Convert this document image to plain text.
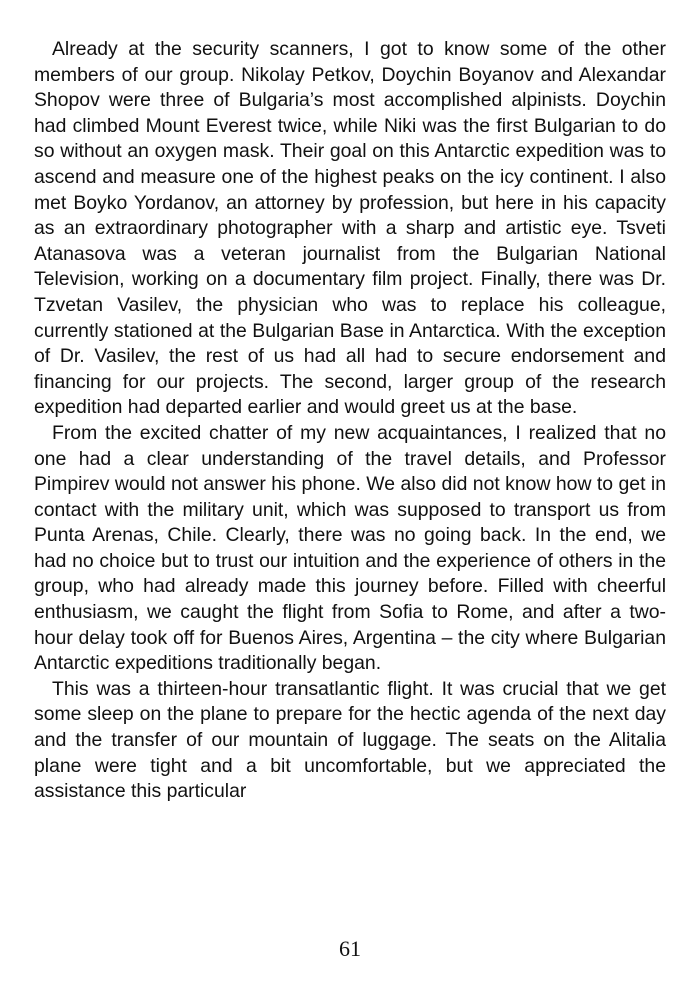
Already at the security scanners, I got to know some of the other members of our group. Nikolay Petkov, Doychin Boyanov and Alexandar Shopov were three of Bulgaria’s most accomplished alpinists. Doychin had climbed Mount Everest twice, while Niki was the first Bulgarian to do so without an oxygen mask. Their goal on this Antarctic expedition was to ascend and measure one of the highest peaks on the icy continent. I also met Boyko Yordanov, an attorney by profession, but here in his capacity as an extraordinary photographer with a sharp and artistic eye. Tsveti Atanasova was a veteran journalist from the Bulgarian National Television, working on a documentary film project. Finally, there was Dr. Tzvetan Vasilev, the physician who was to replace his colleague, currently stationed at the Bulgarian Base in Antarctica. With the exception of Dr. Vasilev, the rest of us had all had to secure endorsement and financing for our projects. The second, larger group of the research expedition had departed earlier and would greet us at the base.

From the excited chatter of my new acquaintances, I realized that no one had a clear understanding of the travel details, and Professor Pimpirev would not answer his phone. We also did not know how to get in contact with the military unit, which was supposed to transport us from Punta Arenas, Chile. Clearly, there was no going back. In the end, we had no choice but to trust our intuition and the experience of others in the group, who had already made this journey before. Filled with cheerful enthusiasm, we caught the flight from Sofia to Rome, and after a two-hour delay took off for Buenos Aires, Argentina – the city where Bulgarian Antarctic expeditions traditionally began.

This was a thirteen-hour transatlantic flight. It was crucial that we get some sleep on the plane to prepare for the hectic agenda of the next day and the transfer of our mountain of luggage. The seats on the Alitalia plane were tight and a bit uncomfortable, but we appreciated the assistance this particular

61
